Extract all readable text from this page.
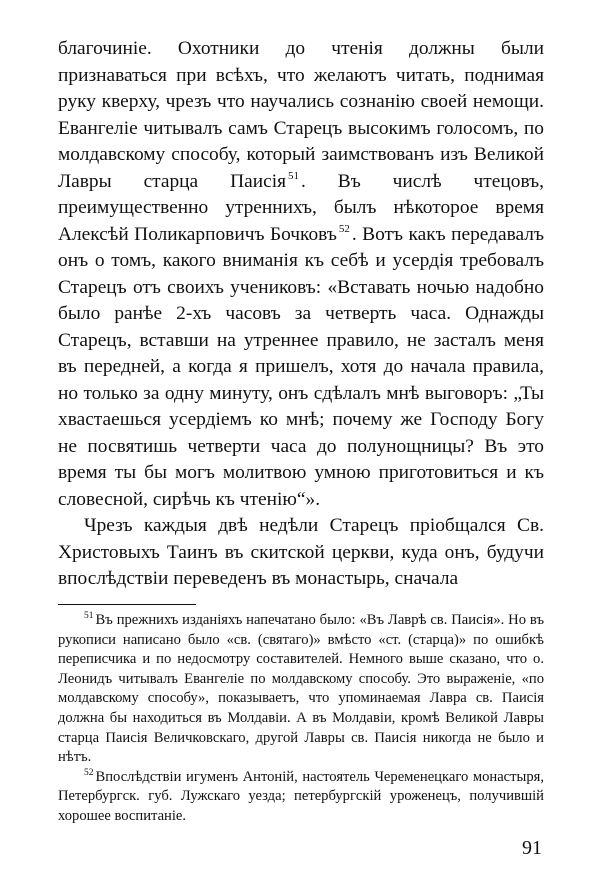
благочиніе. Охотники до чтенія должны были признаваться при всѣхъ, что желаютъ читать, поднимая руку кверху, чрезъ что научались сознанію своей немощи. Евангеліе читывалъ самъ Старецъ высокимъ голосомъ, по молдавскому способу, который заимствованъ изъ Великой Лавры старца Паисія $^{51}$ . Въ числѣ чтецовъ, преимущественно утреннихъ, былъ нѣкоторое время Алексѣй Поликарповичъ Бочковъ $^{52}$ . Вотъ какъ передавалъ онъ о томъ, какого вниманія къ себѣ и усердія требовалъ Старецъ отъ своихъ учениковъ: «Вставать ночью надобно было ранѣе 2-хъ часовъ за четверть часа. Однажды Старецъ, вставши на утреннее правило, не засталъ меня въ передней, а когда я пришелъ, хотя до начала правила, но только за одну минуту, онъ сдѣлалъ мнѣ выговоръ: „Ты хвастаешься усердіемъ ко мнѣ; почему же Господу Богу не посвятишь четверти часа до полунощницы? Въ это время ты бы могъ молитвою умною приготовиться и къ словесной, сирѣчь къ чтенію“».

Чрезъ каждыя двѣ недѣли Старецъ пріобщался Св. Христовыхъ Таинъ въ скитской церкви, куда онъ, будучи впослѣдствіи переведенъ въ монастырь, сначала

$^{51}$ Въ прежнихъ изданіяхъ напечатано было: «Въ Лаврѣ св. Паисія». Но въ рукописи написано было «св. (святаго)» вмѣсто «ст. (старца)» по ошибкѣ переписчика и по недосмотру составителей. Немного выше сказано, что о. Леонидъ читывалъ Евангеліе по молдавскому способу. Это выраженіе, «по молдавскому способу», показываетъ, что упоминаемая Лавра св. Паисія должна бы находиться въ Молдавіи. А въ Молдавіи, кромѣ Великой Лавры старца Паисія Величковскаго, другой Лавры св. Паисія никогда не было и нѣтъ.

$^{52}$ Впослѣдствіи игуменъ Антоній, настоятель Череменецкаго монастыря, Петербургск. губ. Лужскаго уезда; петербургскій уроженецъ, получившій хорошее воспитаніе.

91
